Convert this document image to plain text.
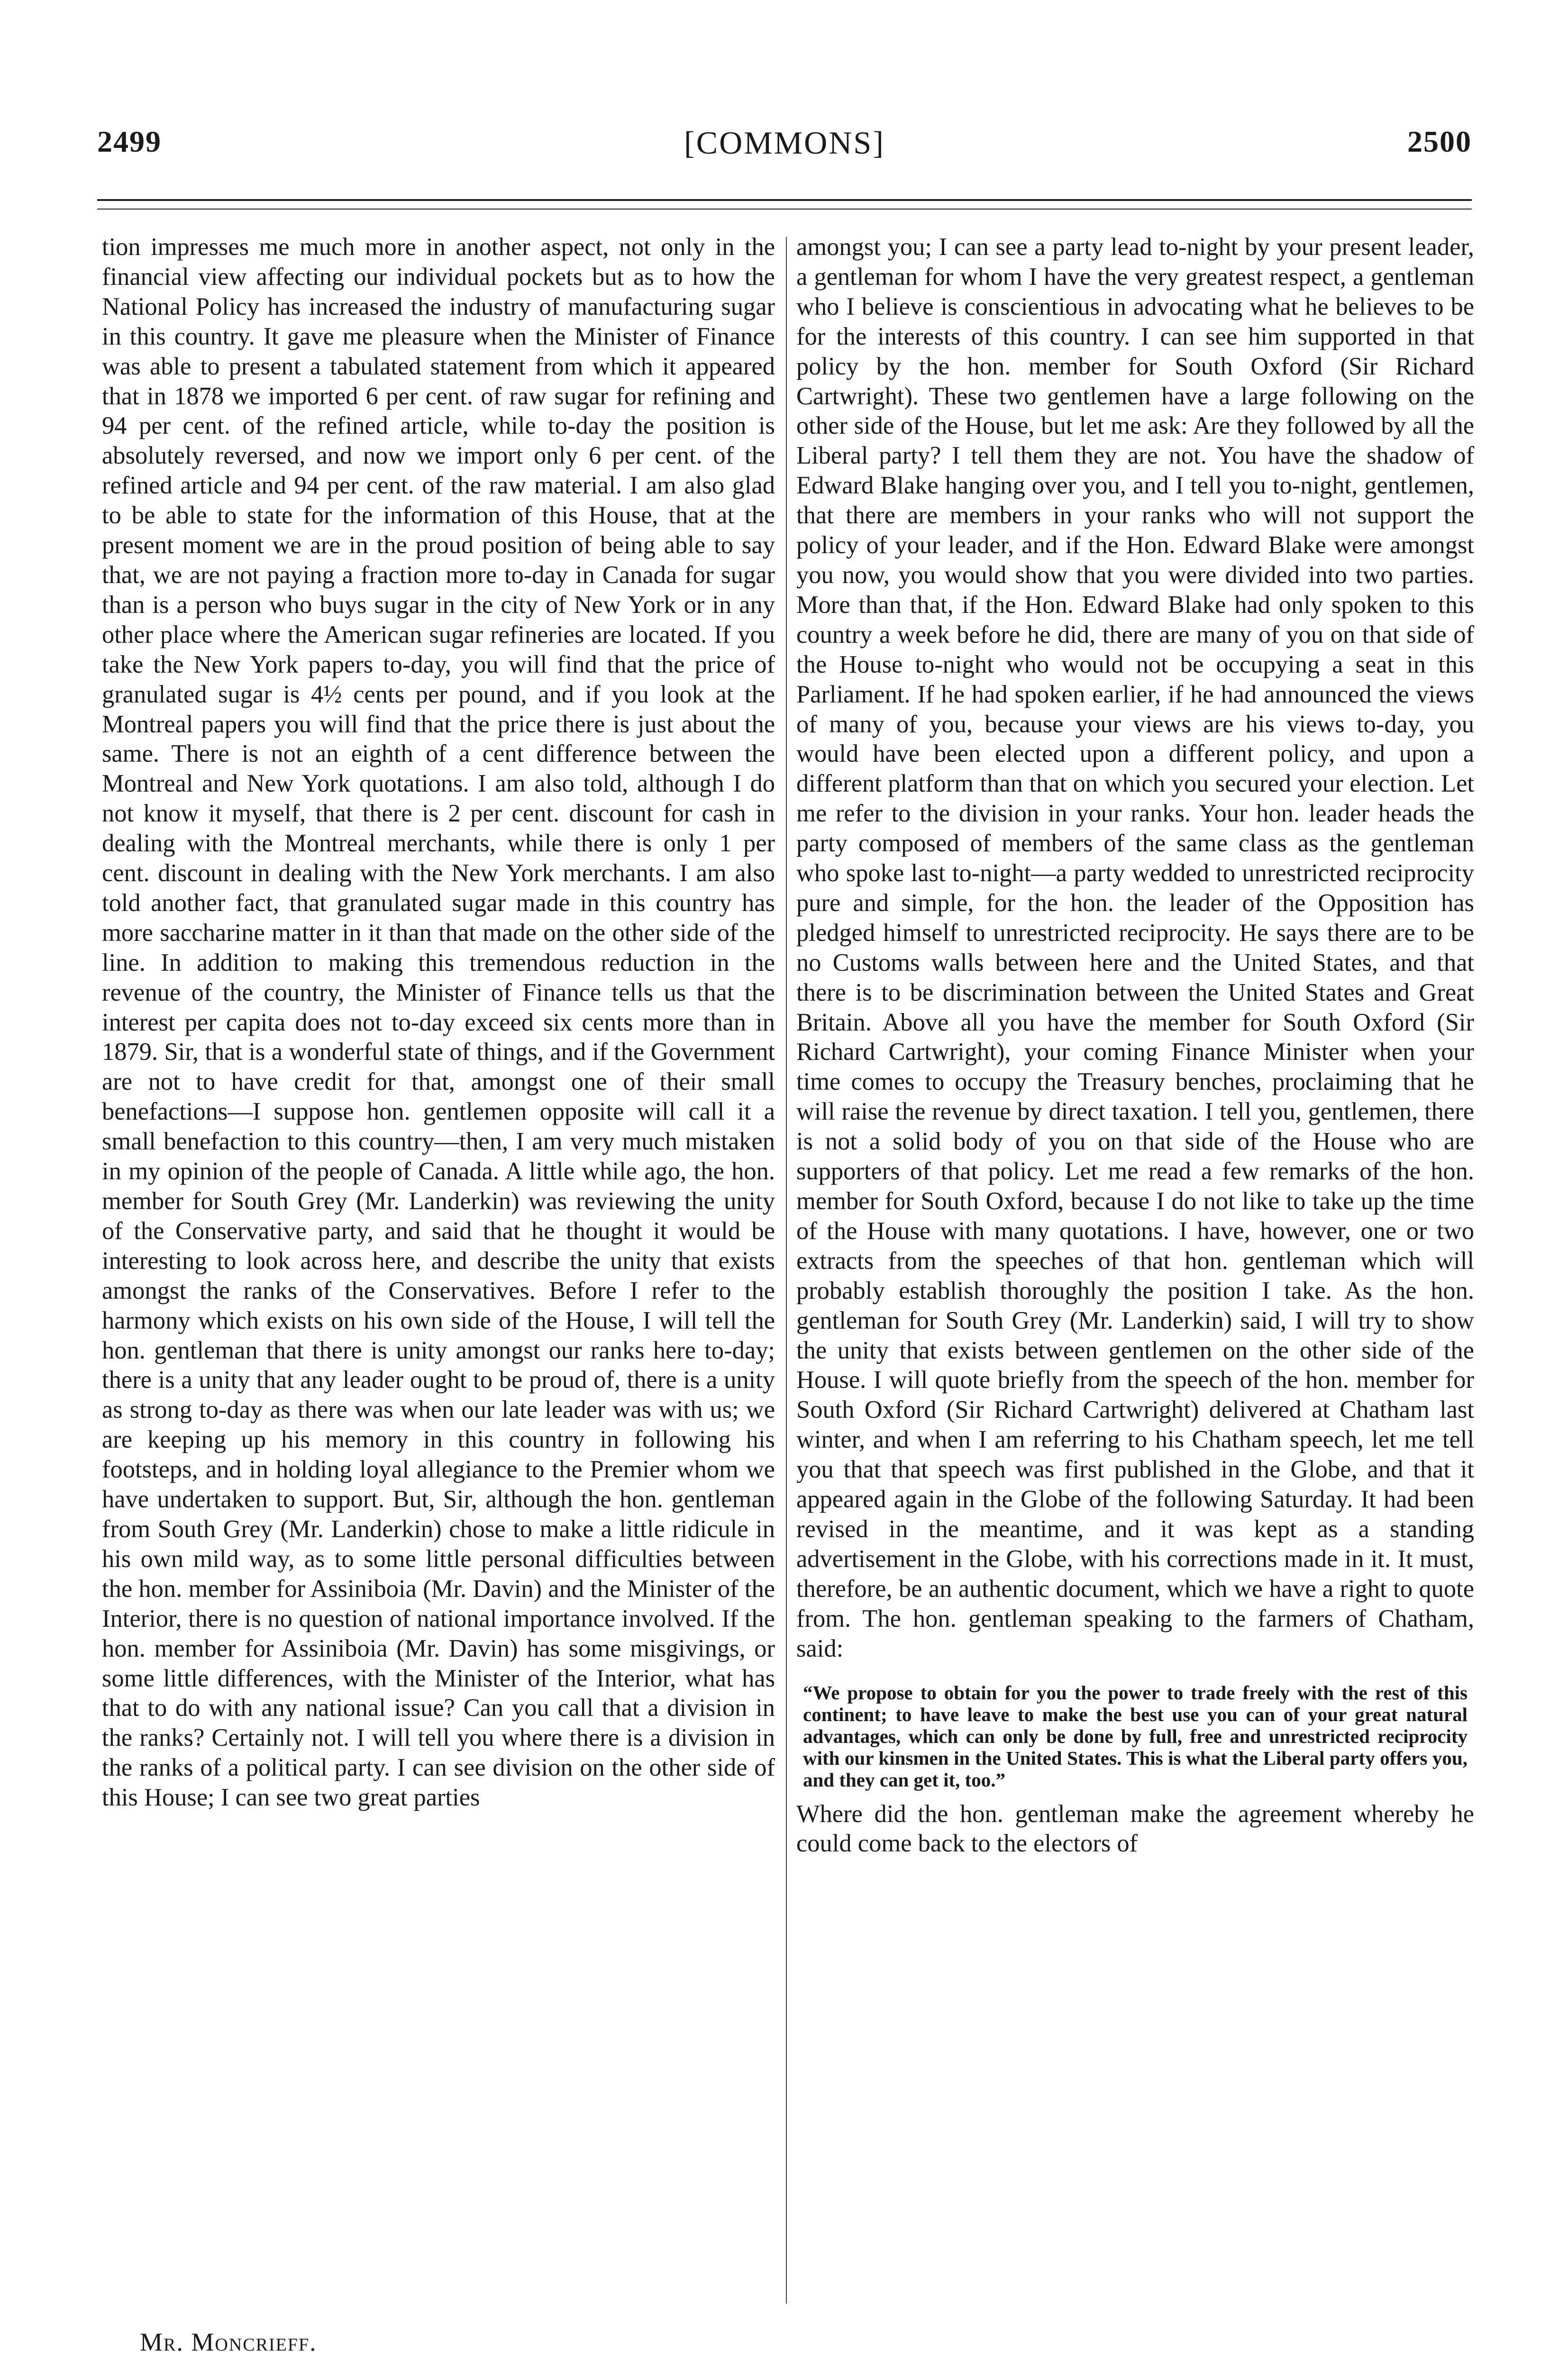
2499	[COMMONS]	2500

tion impresses me much more in another aspect, not only in the financial view affecting our individual pockets but as to how the National Policy has increased the industry of manufacturing sugar in this country. It gave me pleasure when the Minister of Finance was able to present a tabulated statement from which it appeared that in 1878 we imported 6 per cent. of raw sugar for refining and 94 per cent. of the refined article, while to-day the position is absolutely reversed, and now we import only 6 per cent. of the refined article and 94 per cent. of the raw material. I am also glad to be able to state for the information of this House, that at the present moment we are in the proud position of being able to say that, we are not paying a fraction more to-day in Canada for sugar than is a person who buys sugar in the city of New York or in any other place where the American sugar refineries are located. If you take the New York papers to-day, you will find that the price of granulated sugar is 4½ cents per pound, and if you look at the Montreal papers you will find that the price there is just about the same. There is not an eighth of a cent difference between the Montreal and New York quotations. I am also told, although I do not know it myself, that there is 2 per cent. discount for cash in dealing with the Montreal merchants, while there is only 1 per cent. discount in dealing with the New York merchants. I am also told another fact, that granulated sugar made in this country has more saccharine matter in it than that made on the other side of the line. In addition to making this tremendous reduction in the revenue of the country, the Minister of Finance tells us that the interest per capita does not to-day exceed six cents more than in 1879. Sir, that is a wonderful state of things, and if the Government are not to have credit for that, amongst one of their small benefactions—I suppose hon. gentlemen opposite will call it a small benefaction to this country—then, I am very much mistaken in my opinion of the people of Canada. A little while ago, the hon. member for South Grey (Mr. Landerkin) was reviewing the unity of the Conservative party, and said that he thought it would be interesting to look across here, and describe the unity that exists amongst the ranks of the Conservatives. Before I refer to the harmony which exists on his own side of the House, I will tell the hon. gentleman that there is unity amongst our ranks here to-day; there is a unity that any leader ought to be proud of, there is a unity as strong to-day as there was when our late leader was with us; we are keeping up his memory in this country in following his footsteps, and in holding loyal allegiance to the Premier whom we have undertaken to support. But, Sir, although the hon. gentleman from South Grey (Mr. Landerkin) chose to make a little ridicule in his own mild way, as to some little personal difficulties between the hon. member for Assiniboia (Mr. Davin) and the Minister of the Interior, there is no question of national importance involved. If the hon. member for Assiniboia (Mr. Davin) has some misgivings, or some little differences, with the Minister of the Interior, what has that to do with any national issue? Can you call that a division in the ranks? Certainly not. I will tell you where there is a division in the ranks of a political party. I can see division on the other side of this House; I can see two great parties

amongst you; I can see a party lead to-night by your present leader, a gentleman for whom I have the very greatest respect, a gentleman who I believe is conscientious in advocating what he believes to be for the interests of this country. I can see him supported in that policy by the hon. member for South Oxford (Sir Richard Cartwright). These two gentlemen have a large following on the other side of the House, but let me ask: Are they followed by all the Liberal party? I tell them they are not. You have the shadow of Edward Blake hanging over you, and I tell you to-night, gentlemen, that there are members in your ranks who will not support the policy of your leader, and if the Hon. Edward Blake were amongst you now, you would show that you were divided into two parties. More than that, if the Hon. Edward Blake had only spoken to this country a week before he did, there are many of you on that side of the House to-night who would not be occupying a seat in this Parliament. If he had spoken earlier, if he had announced the views of many of you, because your views are his views to-day, you would have been elected upon a different policy, and upon a different platform than that on which you secured your election. Let me refer to the division in your ranks. Your hon. leader heads the party composed of members of the same class as the gentleman who spoke last to-night—a party wedded to unrestricted reciprocity pure and simple, for the hon. the leader of the Opposition has pledged himself to unrestricted reciprocity. He says there are to be no Customs walls between here and the United States, and that there is to be discrimination between the United States and Great Britain. Above all you have the member for South Oxford (Sir Richard Cartwright), your coming Finance Minister when your time comes to occupy the Treasury benches, proclaiming that he will raise the revenue by direct taxation. I tell you, gentlemen, there is not a solid body of you on that side of the House who are supporters of that policy. Let me read a few remarks of the hon. member for South Oxford, because I do not like to take up the time of the House with many quotations. I have, however, one or two extracts from the speeches of that hon. gentleman which will probably establish thoroughly the position I take. As the hon. gentleman for South Grey (Mr. Landerkin) said, I will try to show the unity that exists between gentlemen on the other side of the House. I will quote briefly from the speech of the hon. member for South Oxford (Sir Richard Cartwright) delivered at Chatham last winter, and when I am referring to his Chatham speech, let me tell you that that speech was first published in the Globe, and that it appeared again in the Globe of the following Saturday. It had been revised in the meantime, and it was kept as a standing advertisement in the Globe, with his corrections made in it. It must, therefore, be an authentic document, which we have a right to quote from. The hon. gentleman speaking to the farmers of Chatham, said:

“We propose to obtain for you the power to trade freely with the rest of this continent; to have leave to make the best use you can of your great natural advantages, which can only be done by full, free and unrestricted reciprocity with our kinsmen in the United States. This is what the Liberal party offers you, and they can get it, too.”

Where did the hon. gentleman make the agreement whereby he could come back to the electors of

Mr. Moncrieff.
